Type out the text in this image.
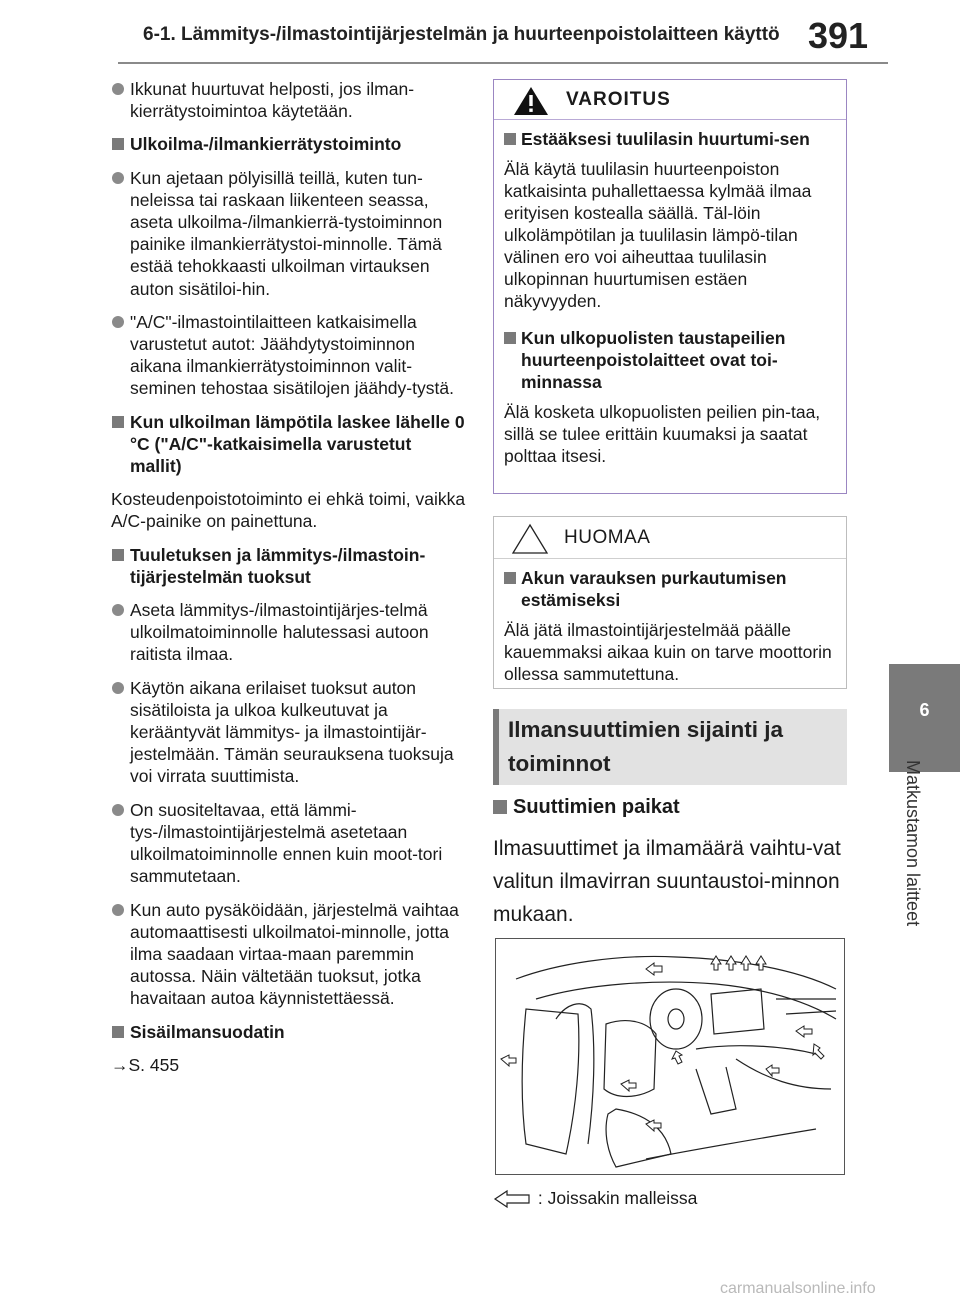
6-1. Lämmitys-/ilmastointijärjestelmän ja huurteenpoistolaitteen käyttö 391
6
Matkustamon laitteet
Ikkunat huurtuvat helposti, jos ilman-kierrätystoimintoa käytetään.
Ulkoilma-/ilmankierrätystoiminto
Kun ajetaan pölyisillä teillä, kuten tun-neleissa tai raskaan liikenteen seassa, aseta ulkoilma-/ilmankierrä-tystoiminnon painike ilmankierrätystoi-minnolle. Tämä estää tehokkaasti ulkoilman virtauksen auton sisätiloi-hin.
"A/C"-ilmastointilaitteen katkaisimella varustetut autot: Jäähdytystoiminnon aikana ilmankierrätystoiminnon valit-seminen tehostaa sisätilojen jäähdy-tystä.
Kun ulkoilman lämpötila laskee lähelle 0 °C ("A/C"-katkaisimella varustetut mallit)
Kosteudenpoistotoiminto ei ehkä toimi, vaikka A/C-painike on painettuna.
Tuuletuksen ja lämmitys-/ilmastoin-tijärjestelmän tuoksut
Aseta lämmitys-/ilmastointijärjes-telmä ulkoilmatoiminnolle halutessasi autoon raitista ilmaa.
Käytön aikana erilaiset tuoksut auton sisätiloista ja ulkoa kulkeutuvat ja kerääntyvät lämmitys- ja ilmastointijär-jestelmään. Tämän seurauksena tuoksuja voi virrata suuttimista.
On suositeltavaa, että lämmi-tys-/ilmastointijärjestelmä asetetaan ulkoilmatoiminnolle ennen kuin moot-tori sammutetaan.
Kun auto pysäköidään, järjestelmä vaihtaa automaattisesti ulkoilmatoi-minnolle, jotta ilma saadaan virtaa-maan paremmin autossa. Näin vältetään tuoksut, jotka havaitaan autoa käynnistettäessä.
Sisäilmansuodatin
→S. 455
VAROITUS
Estääksesi tuulilasin huurtumi-sen
Älä käytä tuulilasin huurteenpoiston katkaisinta puhallettaessa kylmää ilmaa erityisen kostealla säällä. Täl-löin ulkolämpötilan ja tuulilasin lämpö-tilan välinen ero voi aiheuttaa tuulilasin ulkopinnan huurtumisen estäen näkyvyyden.
Kun ulkopuolisten taustapeilien huurteenpoistolaitteet ovat toi-minnassa
Älä kosketa ulkopuolisten peilien pin-taa, sillä se tulee erittäin kuumaksi ja saatat polttaa itsesi.
HUOMAA
Akun varauksen purkautumisen estämiseksi
Älä jätä ilmastointijärjestelmää päälle kauemmaksi aikaa kuin on tarve moottorin ollessa sammutettuna.
Ilmansuuttimien sijainti ja toiminnot
Suuttimien paikat
Ilmasuuttimet ja ilmamäärä vaihtu-vat valitun ilmavirran suuntaustoi-minnon mukaan.
: Joissakin malleissa
carmanualsonline.info
